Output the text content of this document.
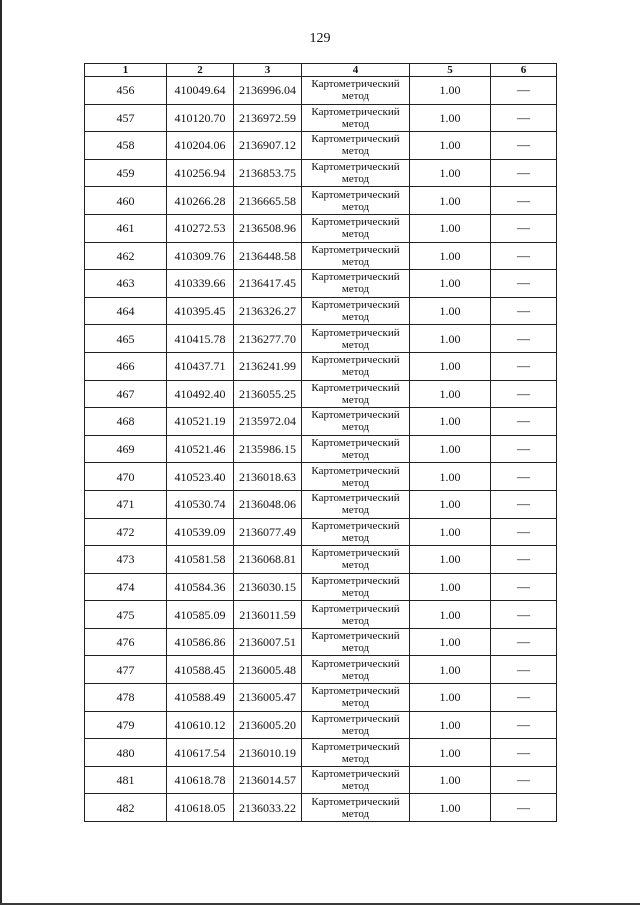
129
1	2	3	4	5	6
456	410049.64	2136996.04	Картометрический метод	1.00	—
457	410120.70	2136972.59	Картометрический метод	1.00	—
458	410204.06	2136907.12	Картометрический метод	1.00	—
459	410256.94	2136853.75	Картометрический метод	1.00	—
460	410266.28	2136665.58	Картометрический метод	1.00	—
461	410272.53	2136508.96	Картометрический метод	1.00	—
462	410309.76	2136448.58	Картометрический метод	1.00	—
463	410339.66	2136417.45	Картометрический метод	1.00	—
464	410395.45	2136326.27	Картометрический метод	1.00	—
465	410415.78	2136277.70	Картометрический метод	1.00	—
466	410437.71	2136241.99	Картометрический метод	1.00	—
467	410492.40	2136055.25	Картометрический метод	1.00	—
468	410521.19	2135972.04	Картометрический метод	1.00	—
469	410521.46	2135986.15	Картометрический метод	1.00	—
470	410523.40	2136018.63	Картометрический метод	1.00	—
471	410530.74	2136048.06	Картометрический метод	1.00	—
472	410539.09	2136077.49	Картометрический метод	1.00	—
473	410581.58	2136068.81	Картометрический метод	1.00	—
474	410584.36	2136030.15	Картометрический метод	1.00	—
475	410585.09	2136011.59	Картометрический метод	1.00	—
476	410586.86	2136007.51	Картометрический метод	1.00	—
477	410588.45	2136005.48	Картометрический метод	1.00	—
478	410588.49	2136005.47	Картометрический метод	1.00	—
479	410610.12	2136005.20	Картометрический метод	1.00	—
480	410617.54	2136010.19	Картометрический метод	1.00	—
481	410618.78	2136014.57	Картометрический метод	1.00	—
482	410618.05	2136033.22	Картометрический метод	1.00	—
